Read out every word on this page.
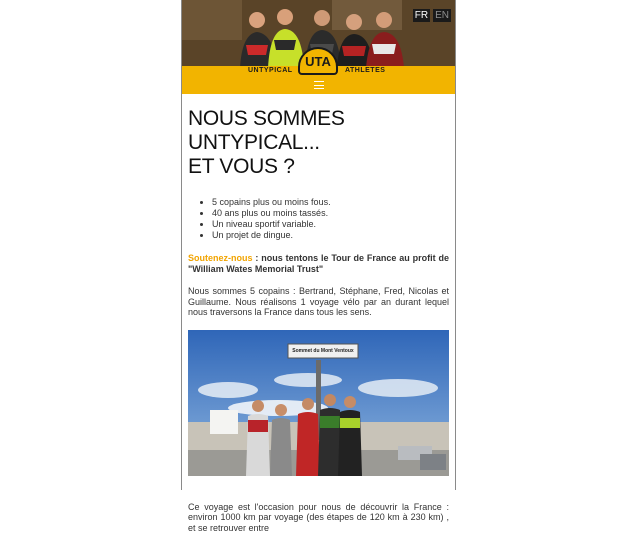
FR EN
UNTYPICAL	ATHLETES
UTA
NOUS SOMMES UNTYPICAL...
ET VOUS ?
• 5 copains plus ou moins fous.
• 40 ans plus ou moins tassés.
• Un niveau sportif variable.
• Un projet de dingue.

Soutenez-nous : nous tentons le Tour de France au profit de "William Wates Memorial Trust"

Nous sommes 5 copains : Bertrand, Stéphane, Fred, Nicolas et Guillaume. Nous réalisons 1 voyage vélo par an durant lequel nous traversons la France dans tous les sens.

Sommet du Mont Ventoux

Ce voyage est l'occasion pour nous de découvrir la France : environ 1000 km par voyage (des étapes de 120 km à 230 km) , et se retrouver entre
